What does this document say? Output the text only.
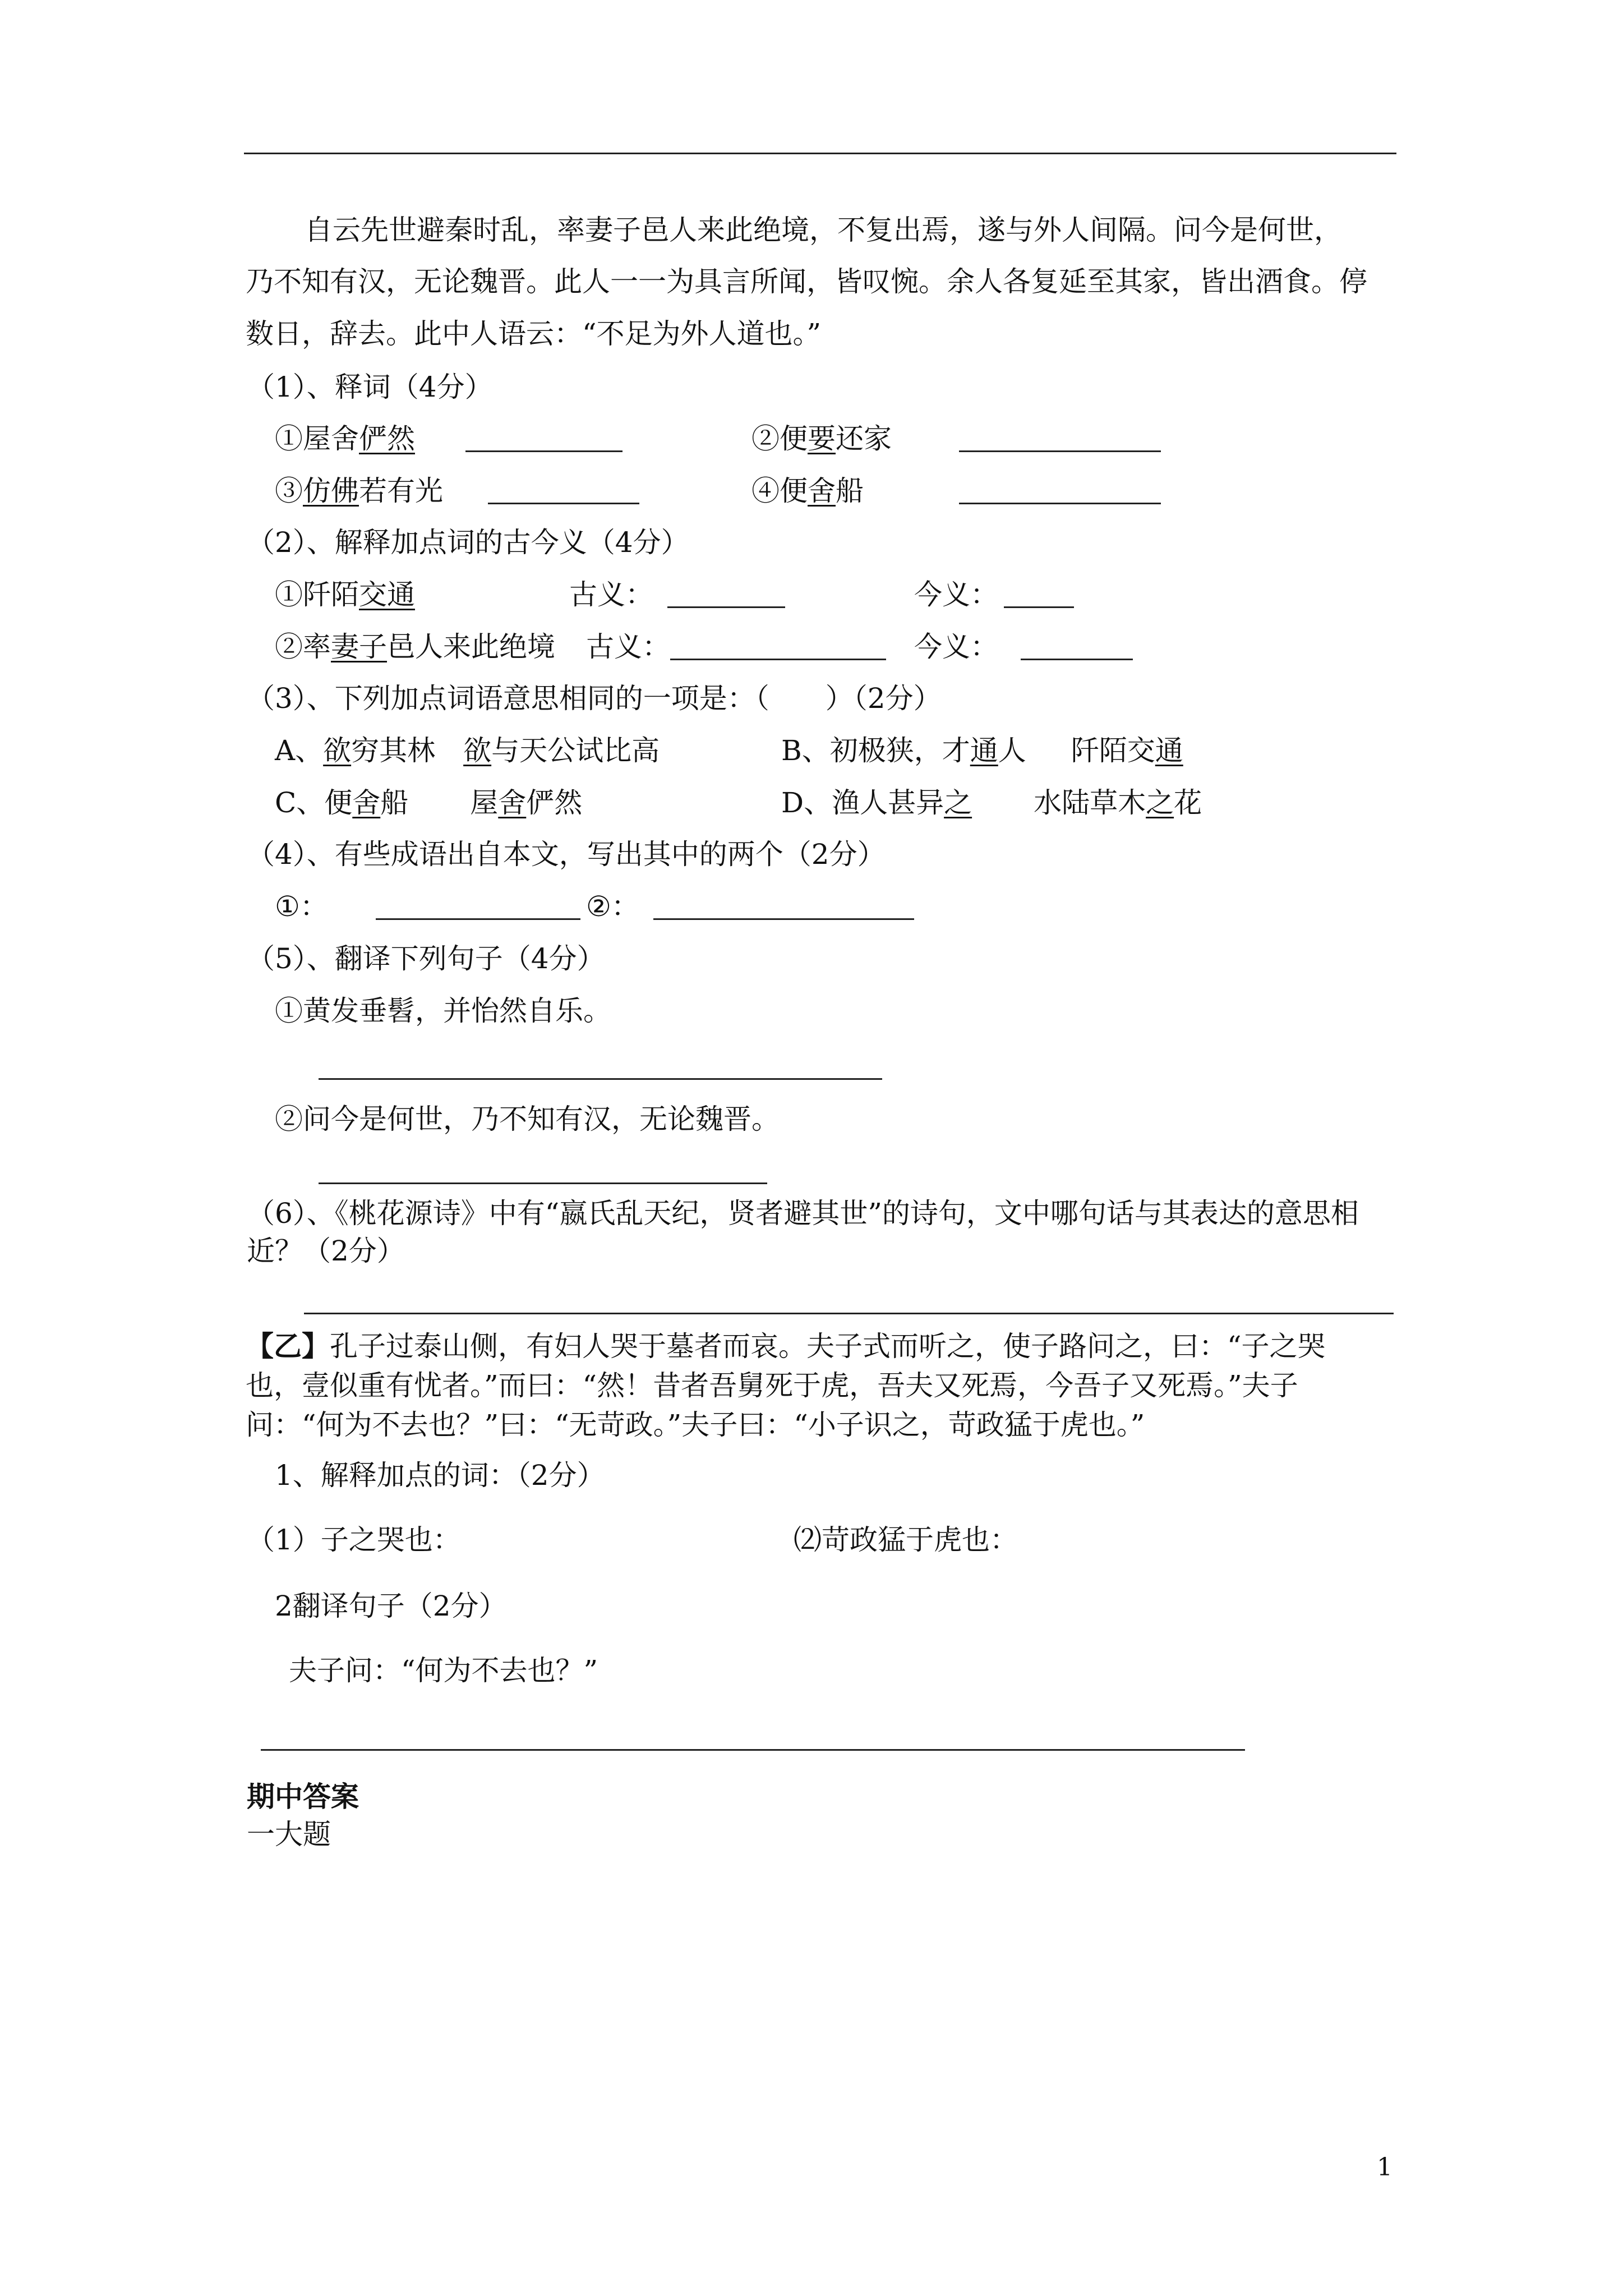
自云先世避秦时乱，率妻子邑人来此绝境，不复出焉，遂与外人间隔。问今是何世，
乃不知有汉，无论魏晋。此人一一为具言所闻，皆叹惋。余人各复延至其家，皆出酒食。停
数日，辞去。此中人语云：“不足为外人道也。”
（1）、释词（4分）
①屋舍俨然	②便要还家
③仿佛若有光	④便舍船
（2）、解释加点词的古今义（4分）
①阡陌交通	古义：	今义：
②率妻子邑人来此绝境 古义：	今义：
（3）、下列加点词语意思相同的一项是：（　　）（2分）
A、欲穷其林 欲与天公试比高	B、初极狭，才通人 阡陌交通
C、便舍船 屋舍俨然	D、渔人甚异之 水陆草木之花
（4）、有些成语出自本文，写出其中的两个（2分）
①：	②：
（5）、翻译下列句子（4分）
①黄发垂髫，并怡然自乐。
②问今是何世，乃不知有汉，无论魏晋。
（6）、《桃花源诗》中有“嬴氏乱天纪，贤者避其世”的诗句，文中哪句话与其表达的意思相
近？（2分）
【乙】孔子过泰山侧，有妇人哭于墓者而哀。夫子式而听之，使子路问之，曰：“子之哭
也，壹似重有忧者。”而曰：“然！昔者吾舅死于虎，吾夫又死焉，今吾子又死焉。”夫子
问：“何为不去也？”曰：“无苛政。”夫子曰：“小子识之，苛政猛于虎也。”
1、解释加点的词：（2分）
（1）子之哭也：	⑵苛政猛于虎也：
2翻译句子（2分）
夫子问：“何为不去也？”
期中答案
一大题
1
